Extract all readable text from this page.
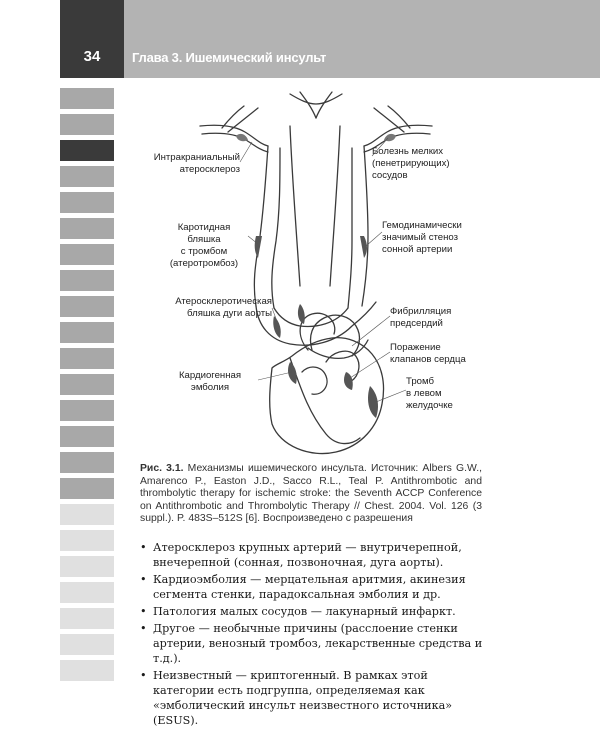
34	Глава 3. Ишемический инсульт
Интракраниальный
атеросклероз
Болезнь мелких
(пенетрирующих)
сосудов
Каротидная
бляшка
с тромбом
(атеротромбоз)
Гемодинамически
значимый стеноз
сонной артерии
Атеросклеротическая
бляшка дуги аорты	Фибрилляция
предсердий
Поражение
клапанов сердца
Кардиогенная
эмболия
Тромб
в левом
желудочке
Рис. 3.1. Механизмы ишемического инсульта. Источник: Albers G.W., Amarenco P., Easton J.D., Sacco R.L., Teal P. Antithrombotic and thrombolytic therapy for ischemic stroke: the Seventh ACCP Conference on Antithrombotic and Thrombolytic Therapy // Chest. 2004. Vol. 126 (3 suppl.). P. 483S–512S [6]. Воспроизведено с разрешения
• Атеросклероз крупных артерий — внутричерепной, внечерепной (сонная, позвоночная, дуга аорты).
• Кардиоэмболия — мерцательная аритмия, акинезия сегмента стенки, парадоксальная эмболия и др.
• Патология малых сосудов — лакунарный инфаркт.
• Другое — необычные причины (расслоение стенки артерии, венозный тромбоз, лекарственные средства и т.д.).
• Неизвестный — криптогенный. В рамках этой категории есть подгруппа, определяемая как «эмболический инсульт неизвестного источника» (ESUS).
